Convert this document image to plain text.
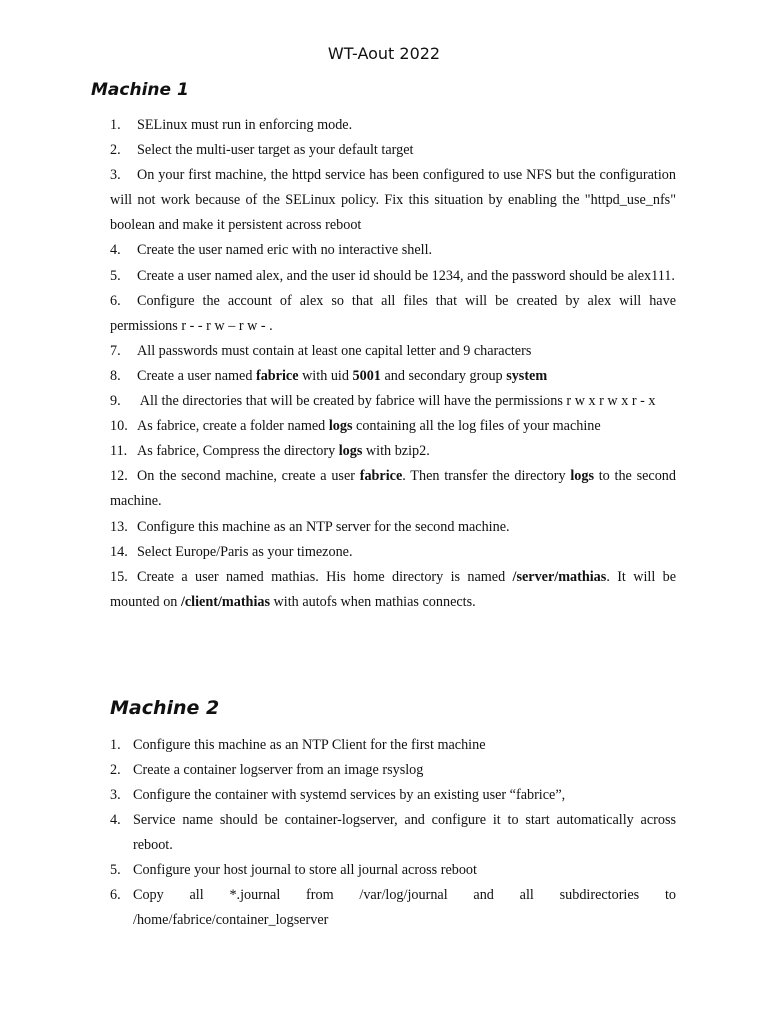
WT-Aout 2022
Machine 1
1. SELinux must run in enforcing mode.
2. Select the multi-user target as your default target
3. On your first machine, the httpd service has been configured to use NFS but the configuration will not work because of the SELinux policy. Fix this situation by enabling the "httpd_use_nfs" boolean and make it persistent across reboot
4. Create the user named eric with no interactive shell.
5. Create a user named alex, and the user id should be 1234, and the password should be alex111.
6. Configure the account of alex so that all files that will be created by alex will have permissions r - - r w – r w - .
7. All passwords must contain at least one capital letter and 9 characters
8. Create a user named fabrice with uid 5001 and secondary group system
9. All the directories that will be created by fabrice will have the permissions r w x r w x r - x
10. As fabrice, create a folder named logs containing all the log files of your machine
11. As fabrice, Compress the directory logs with bzip2.
12. On the second machine, create a user fabrice. Then transfer the directory logs to the second machine.
13. Configure this machine as an NTP server for the second machine.
14. Select Europe/Paris as your timezone.
15. Create a user named mathias. His home directory is named /server/mathias. It will be mounted on /client/mathias with autofs when mathias connects.
Machine 2
1. Configure this machine as an NTP Client for the first machine
2. Create a container logserver from an image rsyslog
3. Configure the container with systemd services by an existing user “fabrice”,
4. Service name should be container-logserver, and configure it to start automatically across reboot.
5. Configure your host journal to store all journal across reboot
6. Copy all *.journal from /var/log/journal and all subdirectories to /home/fabrice/container_logserver
